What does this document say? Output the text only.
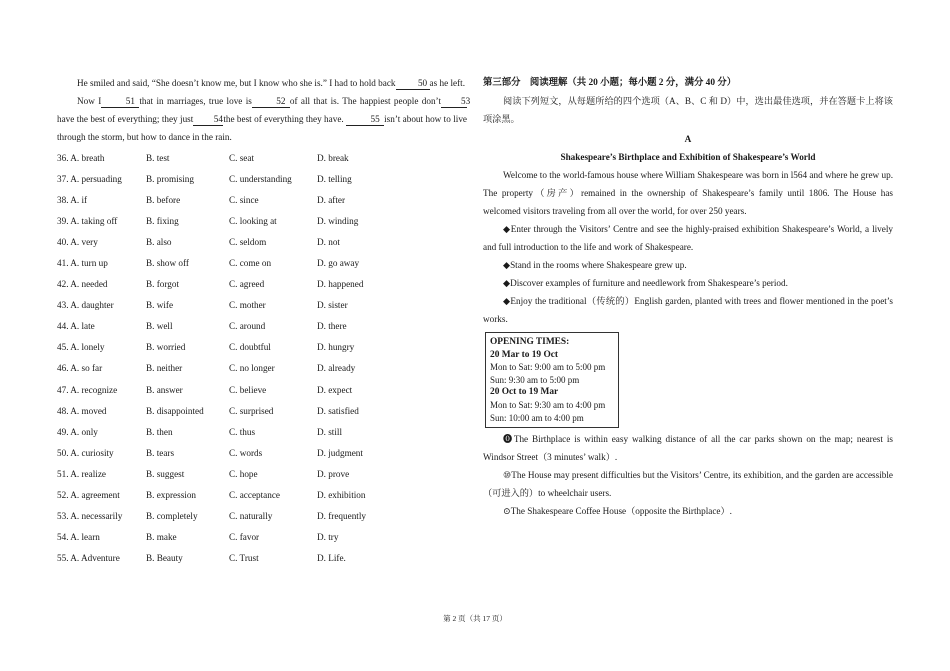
He smiled and said, “She doesn’t know me, but I know who she is.” I had to hold back 50 as he left.

Now I	51 that in marriages, true love is	52 of all that is. The happiest people don’t 53have the best of everything; they just 54the best of everything they have.	55 isn’t about how to live through the storm, but how to dance in the rain.

36. A. breath	B. test	C. seat	D. break
37. A. persuading	B. promising	C. understanding	D. telling
38. A. if	B. before	C. since	D. after
39. A. taking off	B. fixing	C. looking at	D. winding
40. A. very	B. also	C. seldom	D. not
41. A. turn up	B. show off	C. come on	D. go away
42. A. needed	B. forgot	C. agreed	D. happened
43. A. daughter	B. wife	C. mother	D. sister
44. A. late	B. well	C. around	D. there
45. A. lonely	B. worried	C. doubtful	D. hungry
46. A. so far	B. neither	C. no longer	D. already
47. A. recognize	B. answer	C. believe	D. expect
48. A. moved	B. disappointed	C. surprised	D. satisfied
49. A. only	B. then	C. thus	D. still
50. A. curiosity	B. tears	C. words	D. judgment
51. A. realize	B. suggest	C. hope	D. prove
52. A. agreement	B. expression	C. acceptance	D. exhibition
53. A. necessarily	B. completely	C. naturally	D. frequently
54. A. learn	B. make	C. favor	D. try
55. A. Adventure	B. Beauty	C. Trust	D. Life.

第三部分　阅读理解（共 20 小题；每小题 2 分，满分 40 分）

阅读下列短文，从每题所给的四个选项（A、B、C 和 D）中，选出最佳选项，并在答题卡上将该项涂黑。

A

Shakespeare’s Birthplace and Exhibition of Shakespeare’s World

Welcome to the world-famous house where William Shakespeare was born in l564 and where he grew up. The property（房产）remained in the ownership of Shakespeare’s family until 1806. The House has welcomed visitors traveling from all over the world, for over 250 years.

◆Enter through the Visitors’ Centre and see the highly-praised exhibition Shakespeare’s World, a lively and full introduction to the life and work of Shakespeare.

◆Stand in the rooms where Shakespeare grew up.

◆Discover examples of furniture and needlework from Shakespeare’s period.

◆Enjoy the traditional（传统的）English garden, planted with trees and flower mentioned in the poet’s works.

OPENING TIMES:
20 Mar to 19 Oct
Mon to Sat: 9:00 am to 5:00 pm
Sun: 9:30 am to 5:00 pm
20 Oct to 19 Mar
Mon to Sat: 9:30 am to 4:00 pm
Sun: 10:00 am to 4:00 pm

⓿The Birthplace is within easy walking distance of all the car parks shown on the map; nearest is Windsor Street（3 minutes’ walk）.

⑩The House may present difficulties but the Visitors’ Centre, its exhibition, and the garden are accessible（可进入的）to wheelchair users.

⊙The Shakespeare Coffee House（opposite the Birthplace）.

第 2 页（共 17 页）
